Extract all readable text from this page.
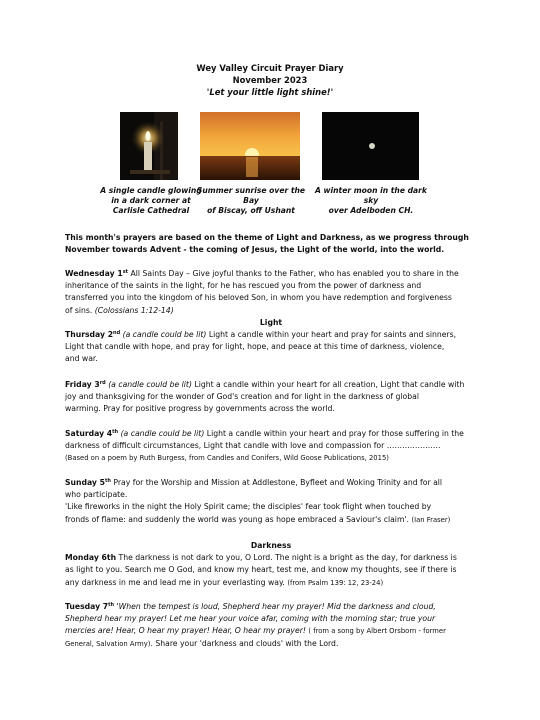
Wey Valley Circuit Prayer Diary
November 2023
'Let your little light shine!'
A single candle glowing
in a dark corner at
Carlisle Cathedral
Summer sunrise over the Bay
of Biscay, off Ushant
A winter moon in the dark sky
over Adelboden CH.
This month's prayers are based on the theme of Light and Darkness, as we progress through
November towards Advent - the coming of Jesus, the Light of the world, into the world.
Wednesday 1st All Saints Day – Give joyful thanks to the Father, who has enabled you to share in the
inheritance of the saints in the light, for he has rescued you from the power of darkness and
transferred you into the kingdom of his beloved Son, in whom you have redemption and forgiveness
of sins. (Colossians 1:12-14)
Light
Thursday 2nd (a candle could be lit) Light a candle within your heart and pray for saints and sinners,
Light that candle with hope, and pray for light, hope, and peace at this time of darkness, violence,
and war.
Friday 3rd (a candle could be lit) Light a candle within your heart for all creation, Light that candle with
joy and thanksgiving for the wonder of God's creation and for light in the darkness of global
warming. Pray for positive progress by governments across the world.
Saturday 4th (a candle could be lit) Light a candle within your heart and pray for those suffering in the
darkness of difficult circumstances, Light that candle with love and compassion for …………………
(Based on a poem by Ruth Burgess, from Candles and Conifers, Wild Goose Publications, 2015)
Sunday 5th Pray for the Worship and Mission at Addlestone, Byfleet and Woking Trinity and for all
who participate.
'Like fireworks in the night the Holy Spirit came; the disciples' fear took flight when touched by
fronds of flame: and suddenly the world was young as hope embraced a Saviour's claim'. (Ian Fraser)
Darkness
Monday 6th The darkness is not dark to you, O Lord. The night is a bright as the day, for darkness is
as light to you. Search me O God, and know my heart, test me, and know my thoughts, see if there is
any darkness in me and lead me in your everlasting way. (from Psalm 139: 12, 23-24)
Tuesday 7th 'When the tempest is loud, Shepherd hear my prayer! Mid the darkness and cloud,
Shepherd hear my prayer! Let me hear your voice afar, coming with the morning star; true your
mercies are! Hear, O hear my prayer! Hear, O hear my prayer! ( from a song by Albert Orsborn - former
General, Salvation Army). Share your 'darkness and clouds' with the Lord.
